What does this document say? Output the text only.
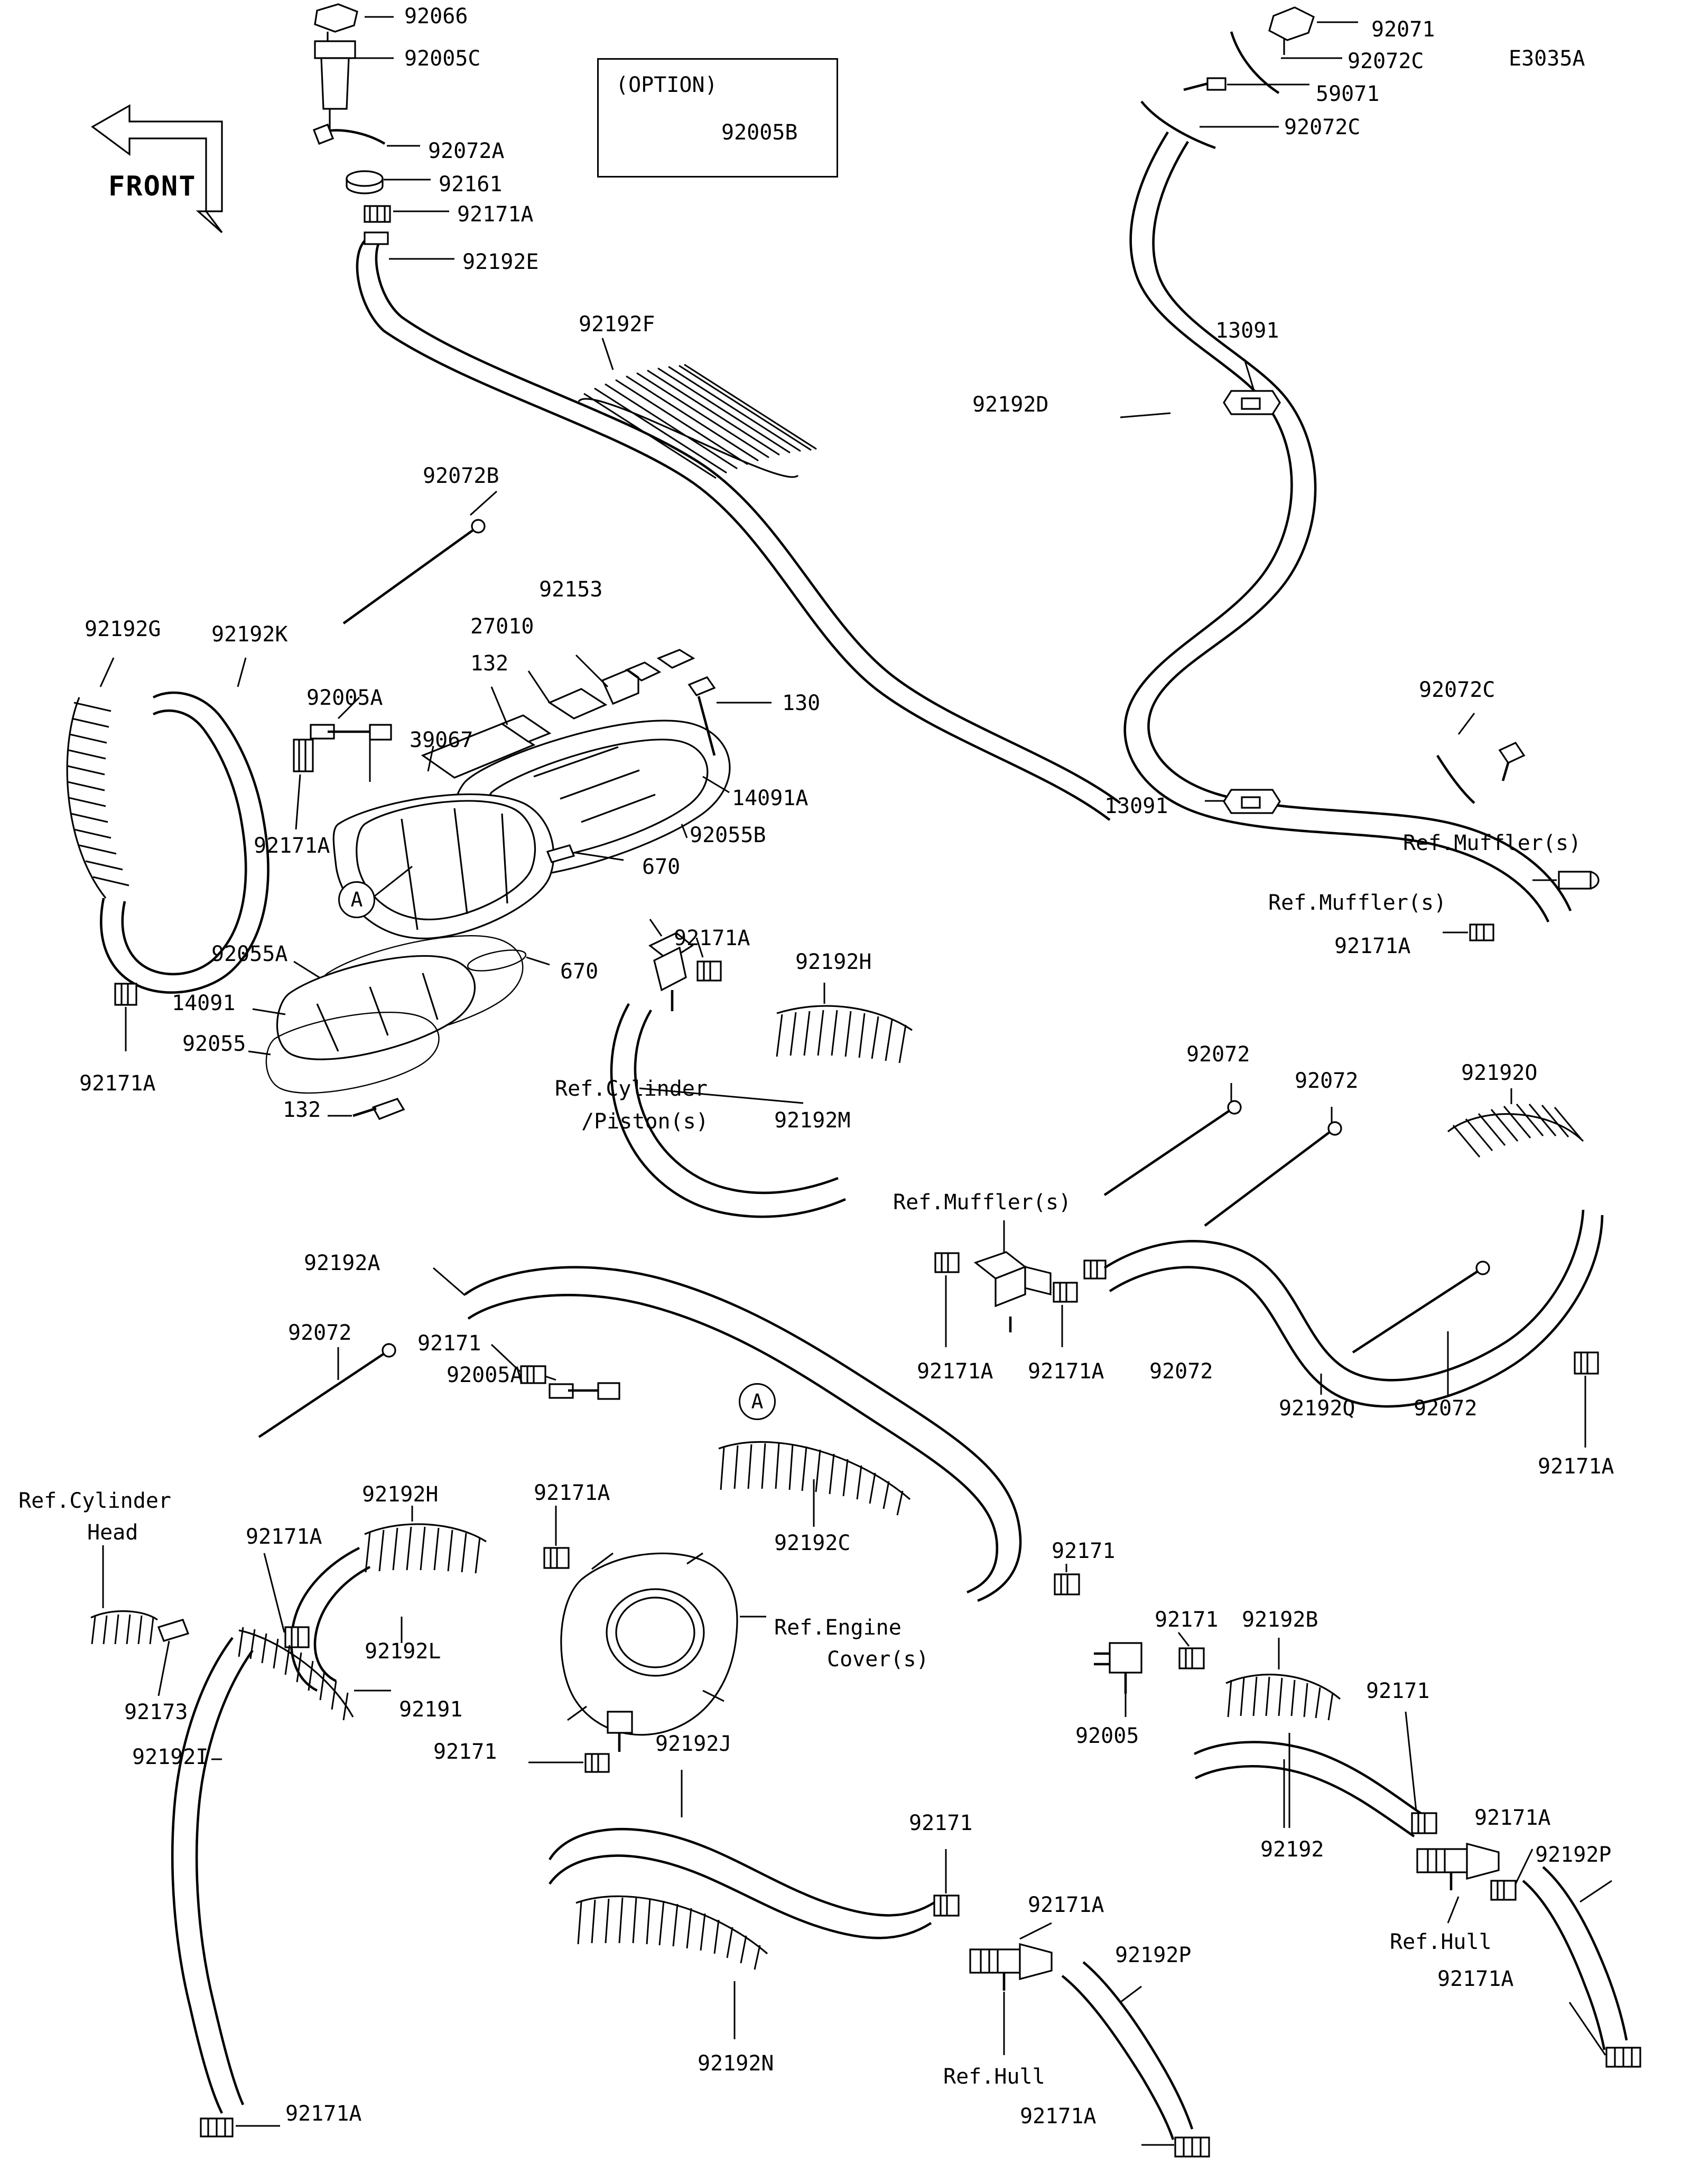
FRONT
92066
92005C
92072A
92161
92171A
92192E
92192F
(OPTION)
92005B
92071
92072C
59071
92072C
E3035A
13091
92192D
92072B
92153
27010
132
130
92192G 92192K
92005A
39067
14091A
92055B
670
92171A
92055A
14091
92055
92171A
132
670
92171A
92192H
Ref.Cylinder
/Piston(s)	92192M
Ref.Muffler(s)
92072
92072	92192O
13091
92072C
Ref.Muffler(s)
Ref.Muffler(s)
92171A
92192A
92072	92171
92005A
Ref.Cylinder
Head
92192H	92171A
92171A	92192C
92173
92192I
92191
92192L
92171
Ref.Engine
Cover(s)
92192J
92192N
92171
92171A
92192P
Ref.Hull
92171A
92171A
92171
92005
92171 92192B
92171
92192
92171A
92192P
Ref.Hull
92171A
92171A 92171A 92072
92192Q	92072
92171A
A
A
